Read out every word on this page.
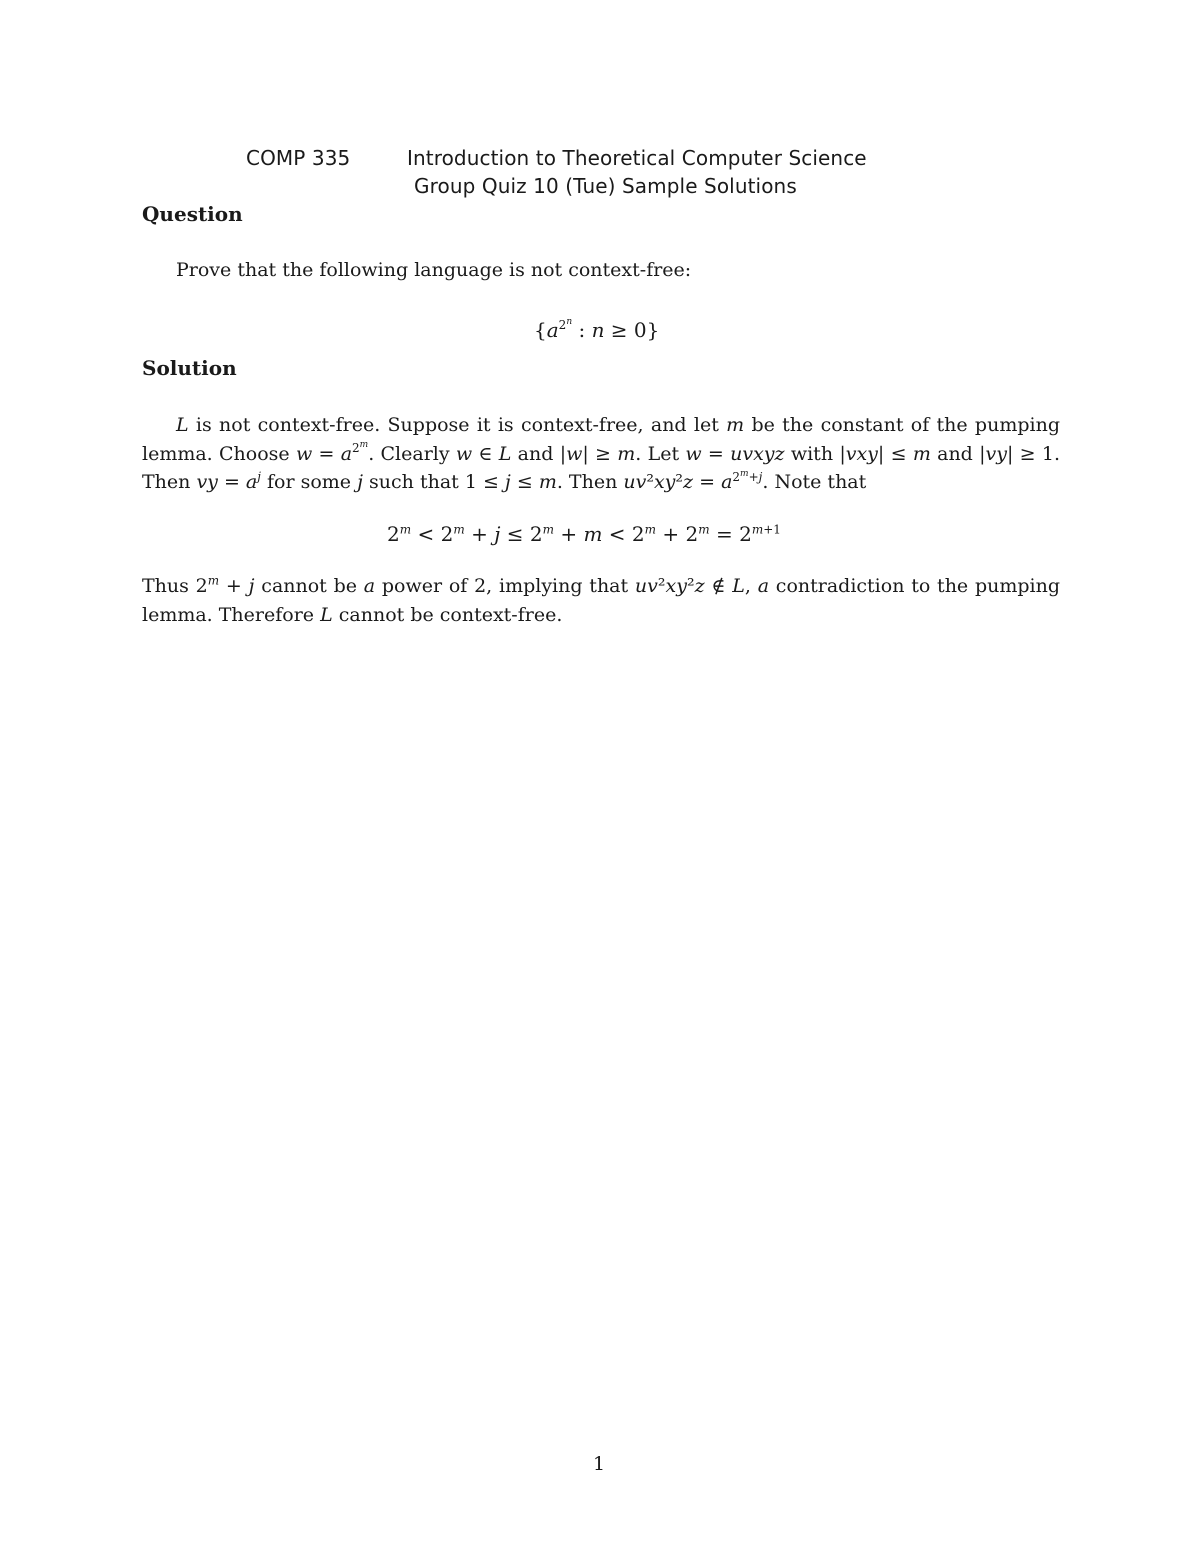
COMP 335	Introduction to Theoretical Computer Science
Group Quiz 10 (Tue) Sample Solutions
Question
Prove that the following language is not context-free:
{$a^{2^n}$ : n ≥ 0}
Solution
L is not context-free. Suppose it is context-free, and let m be the constant of the pumping lemma. Choose $w = a^{2^m}$. Clearly w ∈ L and |w| ≥ m. Let w = uvxyz with |vxy| ≤ m and |vy| ≥ 1. Then vy = $a^j$ for some j such that 1 ≤ j ≤ m. Then $uv^2xy^2z = a^{2^m+j}$. Note that
$2^m < 2^m + j \le 2^m + m < 2^m + 2^m = 2^{m+1}$
Thus $2^m + j$ cannot be a power of 2, implying that uv²xy²z ∉ L, a contradiction to the pumping lemma. Therefore L cannot be context-free.
1
